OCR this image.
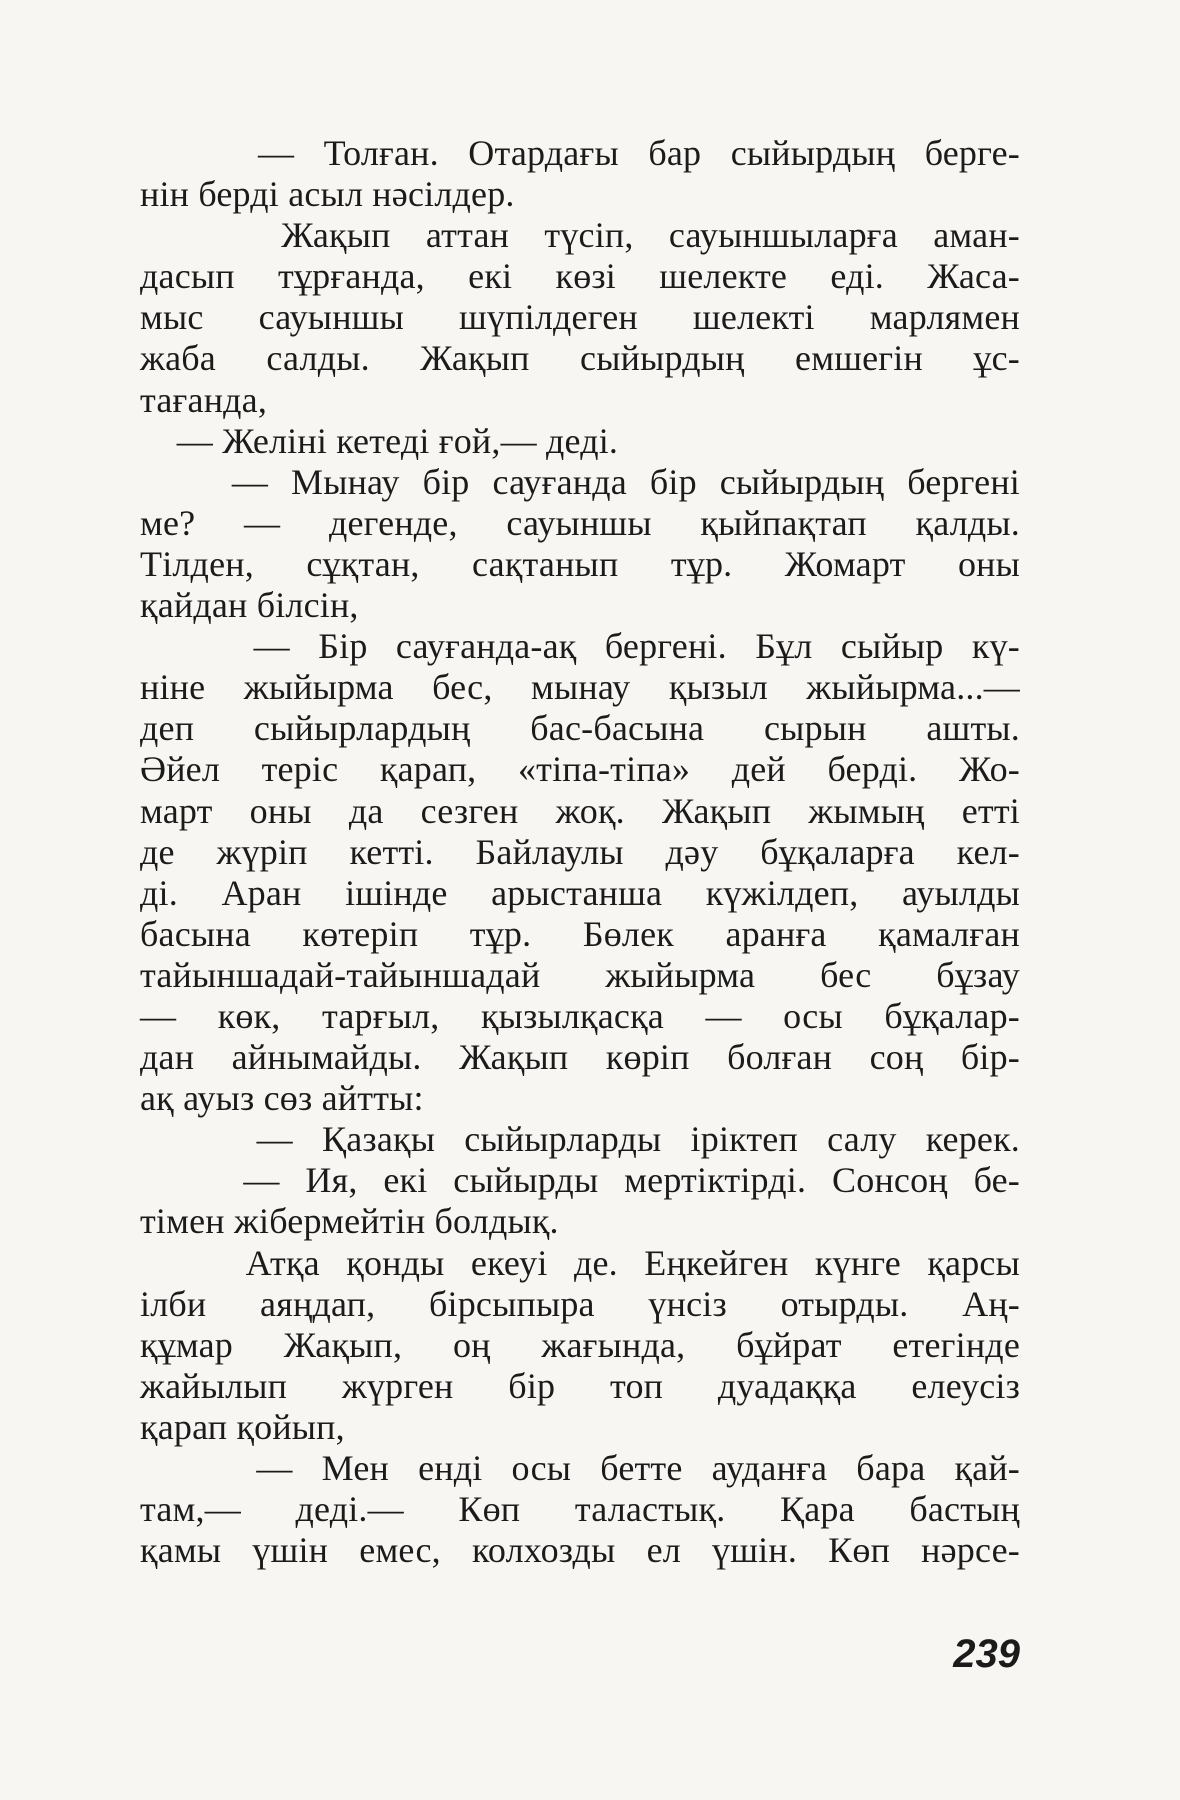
— Толған. Отардағы бар сыйырдың берге-
нін берді асыл нәсілдер.
Жақып аттан түсіп, сауыншыларға аман-
дасып тұрғанда, екі көзі шелекте еді. Жаса-
мыс сауыншы шүпілдеген шелекті марлямен
жаба салды. Жақып сыйырдың емшегін ұс-
тағанда,
— Желіні кетеді ғой,— деді.
— Мынау бір сауғанда бір сыйырдың бергені
ме? — дегенде, сауыншы қыйпақтап қалды.
Тілден, сұқтан, сақтанып тұр. Жомарт оны
қайдан білсін,
— Бір сауғанда-ақ бергені. Бұл сыйыр кү-
ніне жыйырма бес, мынау қызыл жыйырма...—
деп сыйырлардың бас-басына сырын ашты.
Әйел теріс қарап, «тіпа-тіпа» дей берді. Жо-
март оны да сезген жоқ. Жақып жымың етті
де жүріп кетті. Байлаулы дәу бұқаларға кел-
ді. Аран ішінде арыстанша күжілдеп, ауылды
басына көтеріп тұр. Бөлек аранға қамалған
тайыншадай-тайыншадай жыйырма бес бұзау
— көк, тарғыл, қызылқасқа — осы бұқалар-
дан айнымайды. Жақып көріп болған соң бір-
ақ ауыз сөз айтты:
— Қазақы сыйырларды іріктеп салу керек.
— Ия, екі сыйырды мертіктірді. Сонсоң бе-
тімен жібермейтін болдық.
Атқа қонды екеуі де. Еңкейген күнге қарсы
ілби аяңдап, бірсыпыра үнсіз отырды. Аң-
құмар Жақып, оң жағында, бұйрат етегінде
жайылып жүрген бір топ дуадаққа елеусіз
қарап қойып,
— Мен енді осы бетте ауданға бара қай-
там,— деді.— Көп таластық. Қара бастың
қамы үшін емес, колхозды ел үшін. Көп нәрсе-
239
